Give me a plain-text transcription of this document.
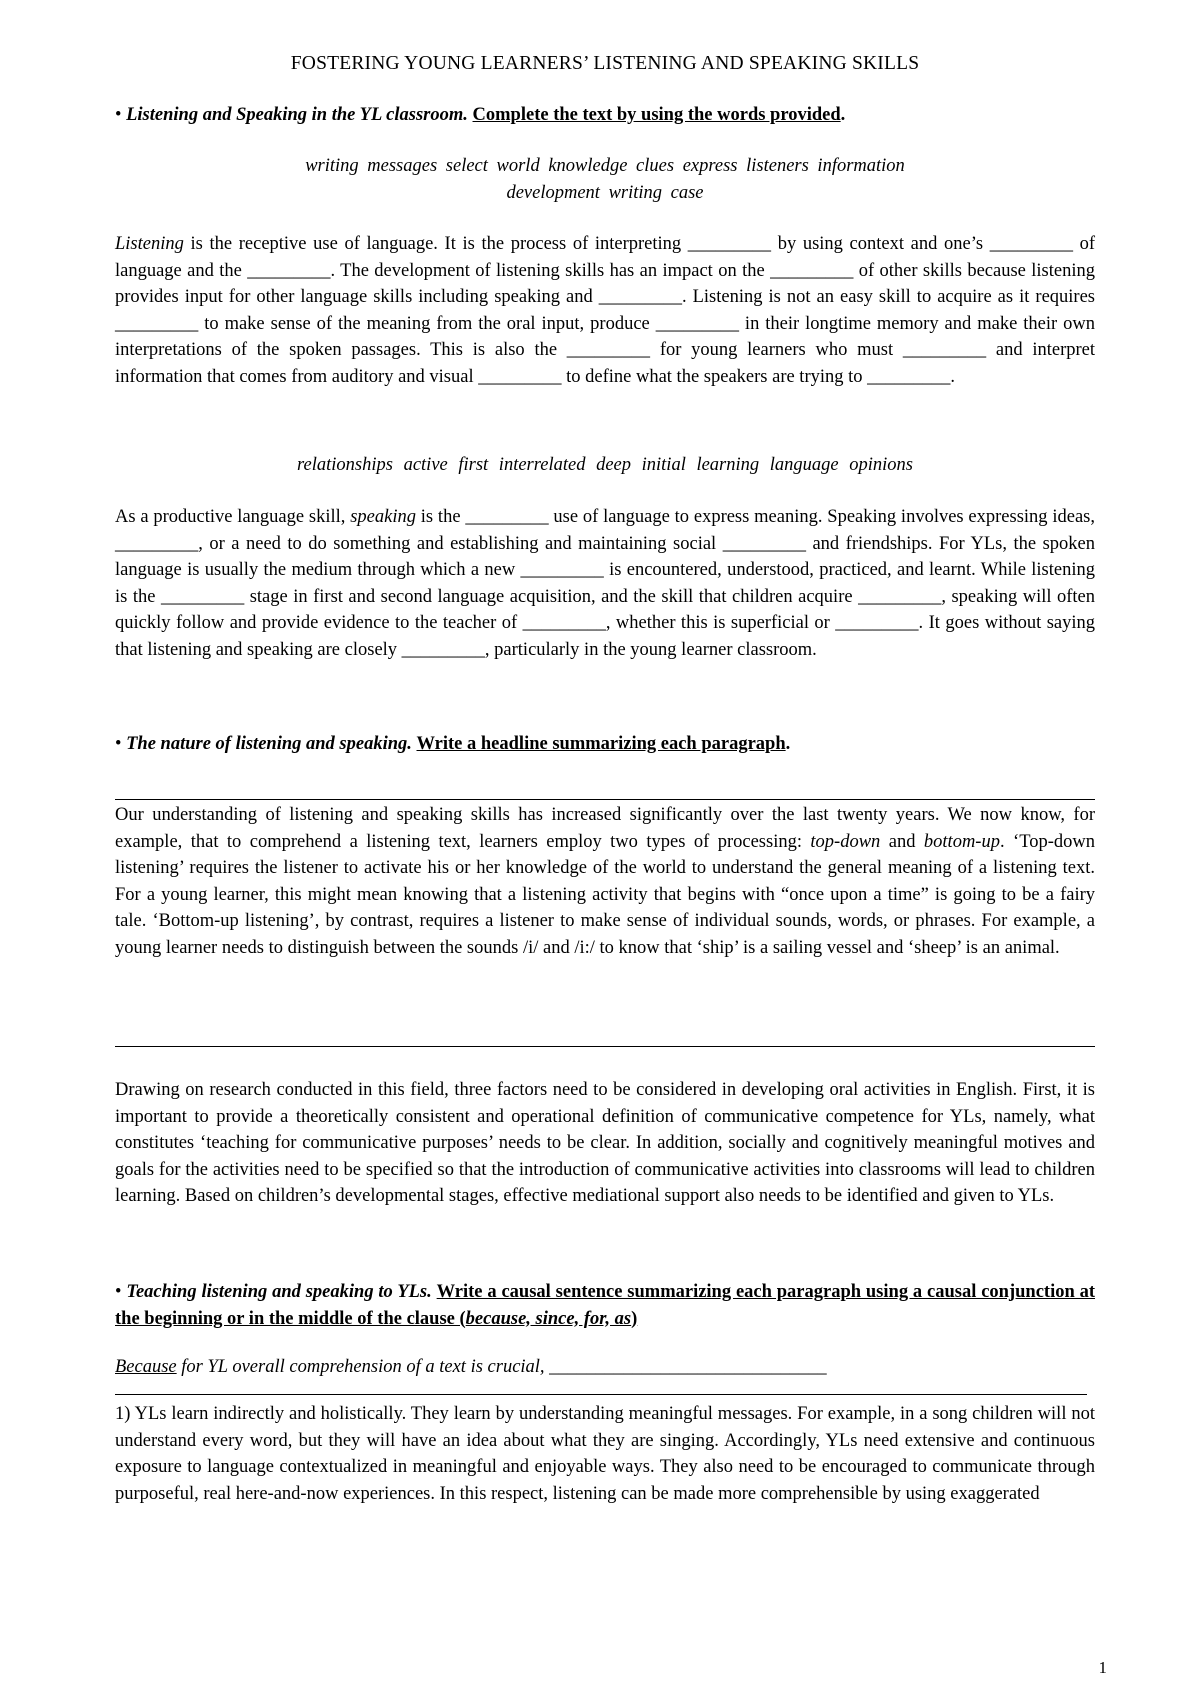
FOSTERING YOUNG LEARNERS’ LISTENING AND SPEAKING SKILLS
• Listening and Speaking in the YL classroom. Complete the text by using the words provided.
writing messages select world knowledge clues express listeners information
development writing case
Listening is the receptive use of language. It is the process of interpreting _________ by using context and one’s _________ of language and the _________. The development of listening skills has an impact on the _________ of other skills because listening provides input for other language skills including speaking and _________. Listening is not an easy skill to acquire as it requires _________ to make sense of the meaning from the oral input, produce _________ in their longtime memory and make their own interpretations of the spoken passages. This is also the _________ for young learners who must _________ and interpret information that comes from auditory and visual _________ to define what the speakers are trying to _________.
relationships active first interrelated deep initial learning language opinions
As a productive language skill, speaking is the _________ use of language to express meaning. Speaking involves expressing ideas, _________, or a need to do something and establishing and maintaining social _________ and friendships. For YLs, the spoken language is usually the medium through which a new _________ is encountered, understood, practiced, and learnt. While listening is the _________ stage in first and second language acquisition, and the skill that children acquire _________, speaking will often quickly follow and provide evidence to the teacher of _________, whether this is superficial or _________. It goes without saying that listening and speaking are closely _________, particularly in the young learner classroom.
• The nature of listening and speaking. Write a headline summarizing each paragraph.
Our understanding of listening and speaking skills has increased significantly over the last twenty years. We now know, for example, that to comprehend a listening text, learners employ two types of processing: top-down and bottom-up. ‘Top-down listening’ requires the listener to activate his or her knowledge of the world to understand the general meaning of a listening text. For a young learner, this might mean knowing that a listening activity that begins with “once upon a time” is going to be a fairy tale. ‘Bottom-up listening’, by contrast, requires a listener to make sense of individual sounds, words, or phrases. For example, a young learner needs to distinguish between the sounds /i/ and /i:/ to know that ‘ship’ is a sailing vessel and ‘sheep’ is an animal.
Drawing on research conducted in this field, three factors need to be considered in developing oral activities in English. First, it is important to provide a theoretically consistent and operational definition of communicative competence for YLs, namely, what constitutes ‘teaching for communicative purposes’ needs to be clear. In addition, socially and cognitively meaningful motives and goals for the activities need to be specified so that the introduction of communicative activities into classrooms will lead to children learning. Based on children’s developmental stages, effective mediational support also needs to be identified and given to YLs.
• Teaching listening and speaking to YLs. Write a causal sentence summarizing each paragraph using a causal conjunction at the beginning or in the middle of the clause (because, since, for, as)
Because for YL overall comprehension of a text is crucial, ______________________________
1) YLs learn indirectly and holistically. They learn by understanding meaningful messages. For example, in a song children will not understand every word, but they will have an idea about what they are singing. Accordingly, YLs need extensive and continuous exposure to language contextualized in meaningful and enjoyable ways. They also need to be encouraged to communicate through purposeful, real here-and-now experiences. In this respect, listening can be made more comprehensible by using exaggerated
1
